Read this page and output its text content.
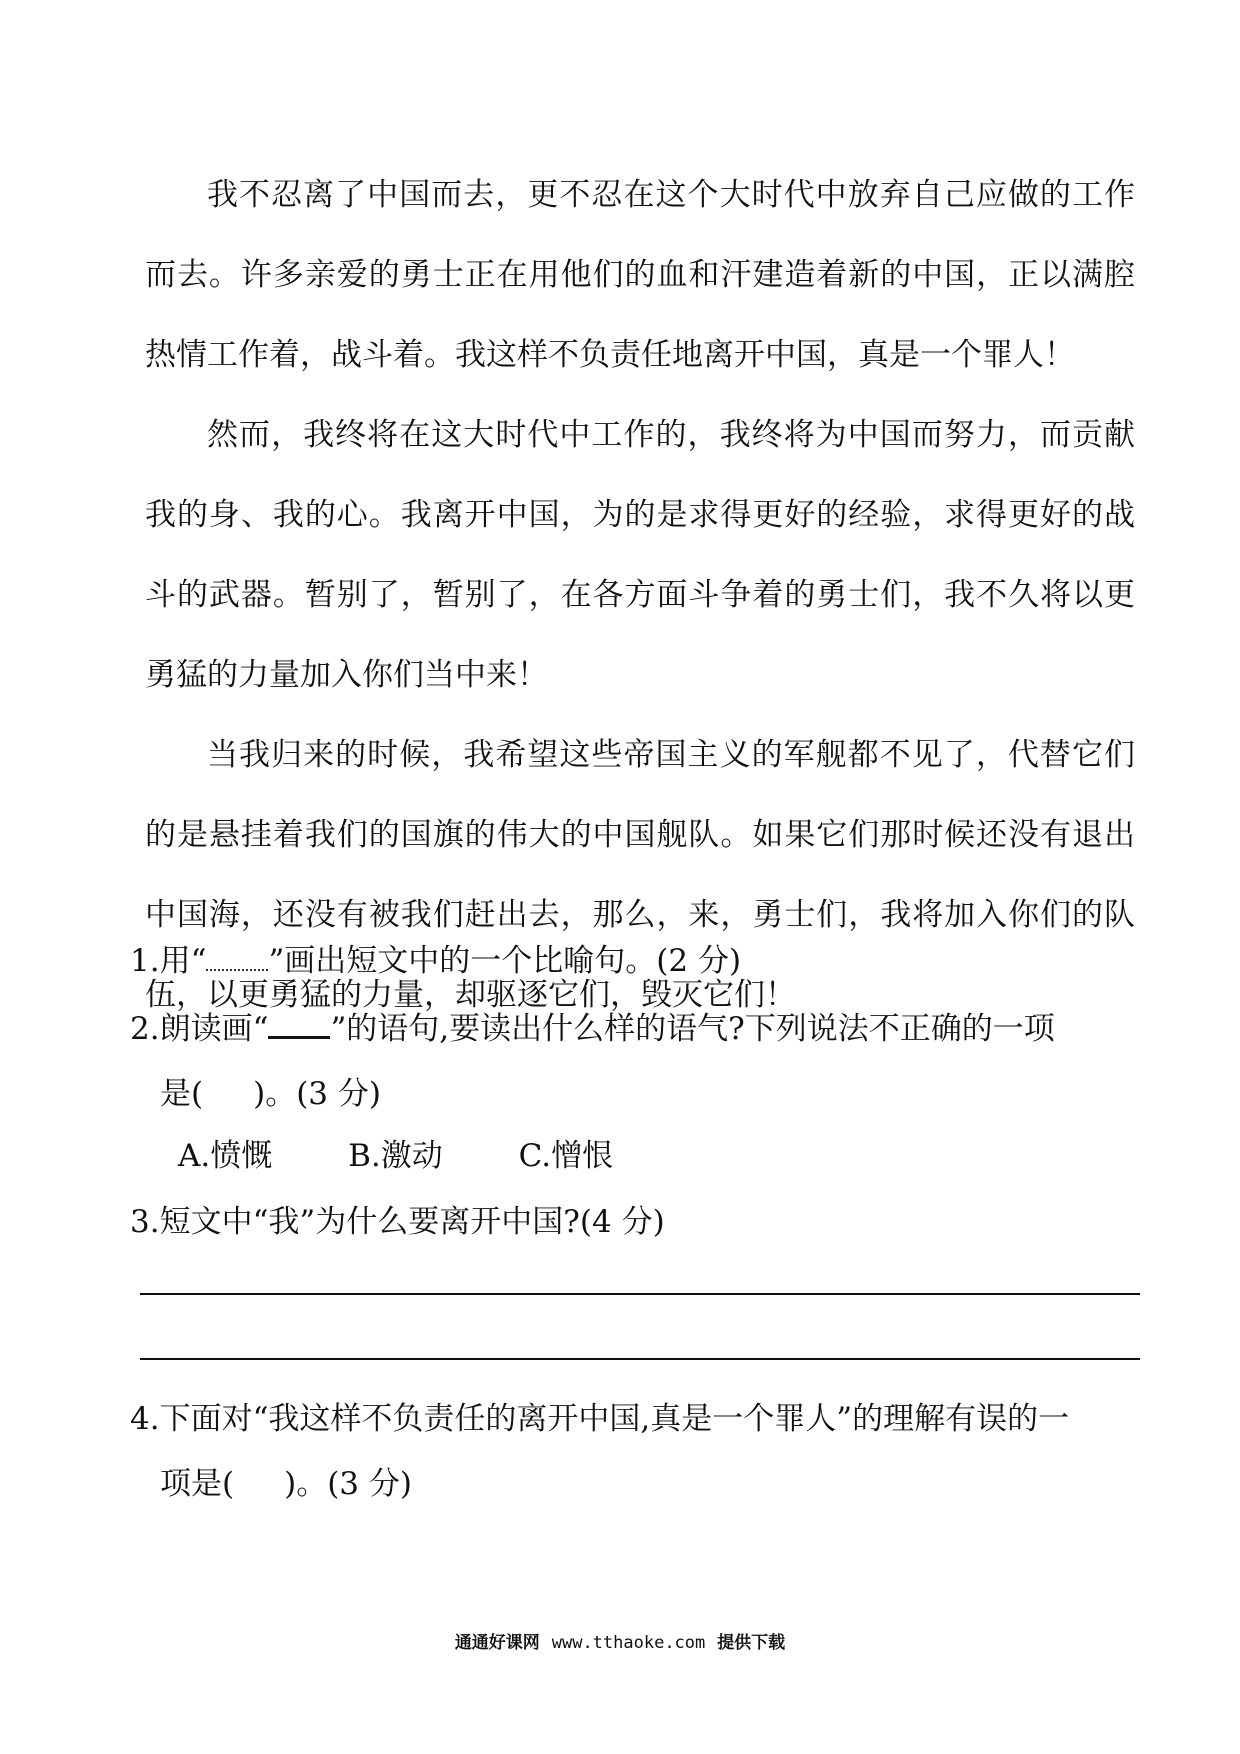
我不忍离了中国而去，更不忍在这个大时代中放弃自己应做的工作而去。许多亲爱的勇士正在用他们的血和汗建造着新的中国，正以满腔热情工作着，战斗着。我这样不负责任地离开中国，真是一个罪人！

然而，我终将在这大时代中工作的，我终将为中国而努力，而贡献我的身、我的心。我离开中国，为的是求得更好的经验，求得更好的战斗的武器。暂别了，暂别了，在各方面斗争着的勇士们，我不久将以更勇猛的力量加入你们当中来！

当我归来的时候，我希望这些帝国主义的军舰都不见了，代替它们的是悬挂着我们的国旗的伟大的中国舰队。如果它们那时候还没有退出中国海，还没有被我们赶出去，那么，来，勇士们，我将加入你们的队伍，以更勇猛的力量，却驱逐它们，毁灭它们！

1.用“ ”画出短文中的一个比喻句。(2 分)
2.朗读画“ ”的语句,要读出什么样的语气?下列说法不正确的一项
是( )。(3 分)
A.愤慨 B.激动 C.憎恨
3.短文中“我”为什么要离开中国?(4 分)
4.下面对“我这样不负责任的离开中国,真是一个罪人”的理解有误的一
项是( )。(3 分)
通通好课网 www.tthaoke.com 提供下载
